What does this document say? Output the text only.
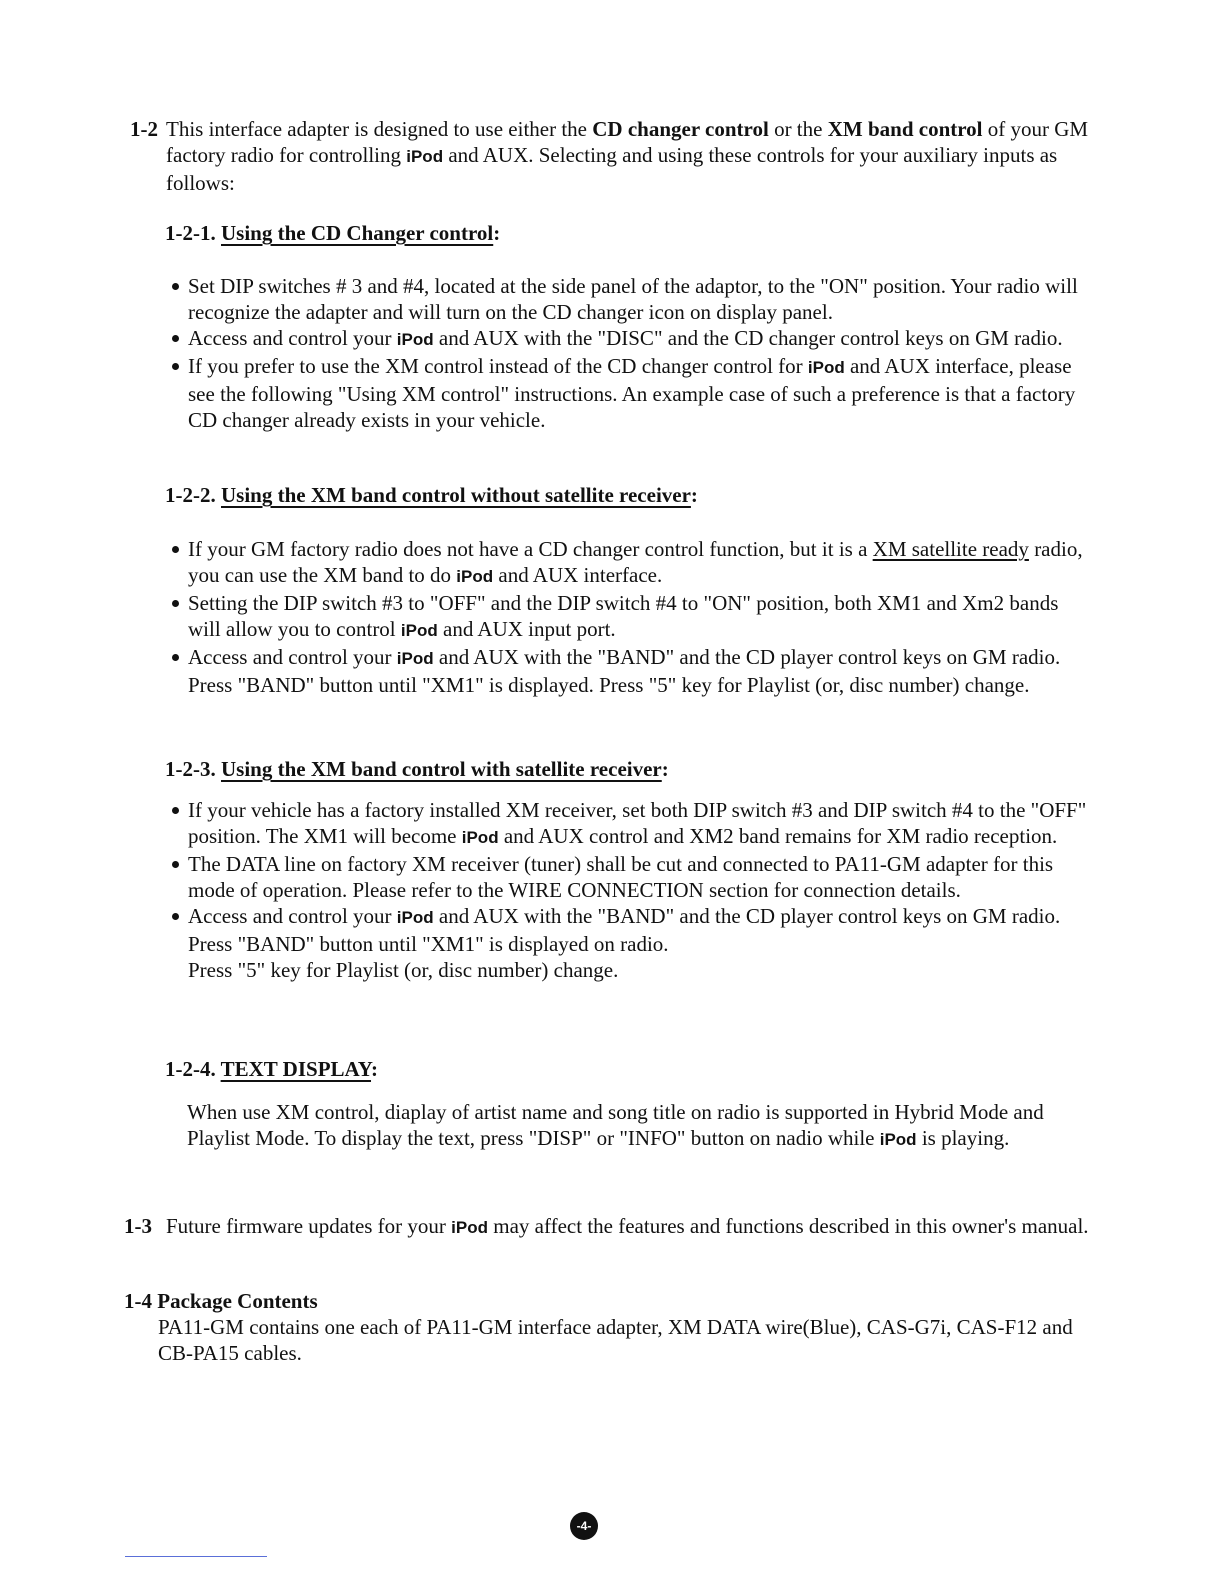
1-2 This interface adapter is designed to use either the CD changer control or the XM band control of your GM factory radio for controlling iPod and AUX. Selecting and using these controls for your auxiliary inputs as follows:
1-2-1. Using the CD Changer control:
Set DIP switches # 3 and #4, located at the side panel of the adaptor, to the "ON" position. Your radio will recognize the adapter and will turn on the CD changer icon on display panel.
Access and control your iPod and AUX with the "DISC" and the CD changer control keys on GM radio.
If you prefer to use the XM control instead of the CD changer control for iPod and AUX interface, please see the following "Using XM control" instructions. An example case of such a preference is that a factory CD changer already exists in your vehicle.
1-2-2. Using the XM band control without satellite receiver:
If your GM factory radio does not have a CD changer control function, but it is a XM satellite ready radio, you can use the XM band to do iPod and AUX interface.
Setting the DIP switch #3 to "OFF" and the DIP switch #4 to "ON" position, both XM1 and Xm2 bands will allow you to control iPod and AUX input port.
Access and control your iPod and AUX with the "BAND" and the CD player control keys on GM radio. Press "BAND" button until "XM1" is displayed. Press "5" key for Playlist (or, disc number) change.
1-2-3. Using the XM band control with satellite receiver:
If your vehicle has a factory installed XM receiver, set both DIP switch #3 and DIP switch #4 to the "OFF" position. The XM1 will become iPod and AUX control and XM2 band remains for XM radio reception.
The DATA line on factory XM receiver (tuner) shall be cut and connected to PA11-GM adapter for this mode of operation. Please refer to the WIRE CONNECTION section for connection details.
Access and control your iPod and AUX with the "BAND" and the CD player control keys on GM radio. Press "BAND" button until "XM1" is displayed on radio.
Press "5" key for Playlist (or, disc number) change.
1-2-4. TEXT DISPLAY:
When use XM control, diaplay of artist name and song title on radio is supported in Hybrid Mode and Playlist Mode. To display the text, press "DISP" or "INFO" button on nadio while iPod is playing.
1-3 Future firmware updates for your iPod may affect the features and functions described in this owner's manual.
1-4 Package Contents
PA11-GM contains one each of PA11-GM interface adapter, XM DATA wire(Blue), CAS-G7i, CAS-F12 and CB-PA15 cables.
-4-
